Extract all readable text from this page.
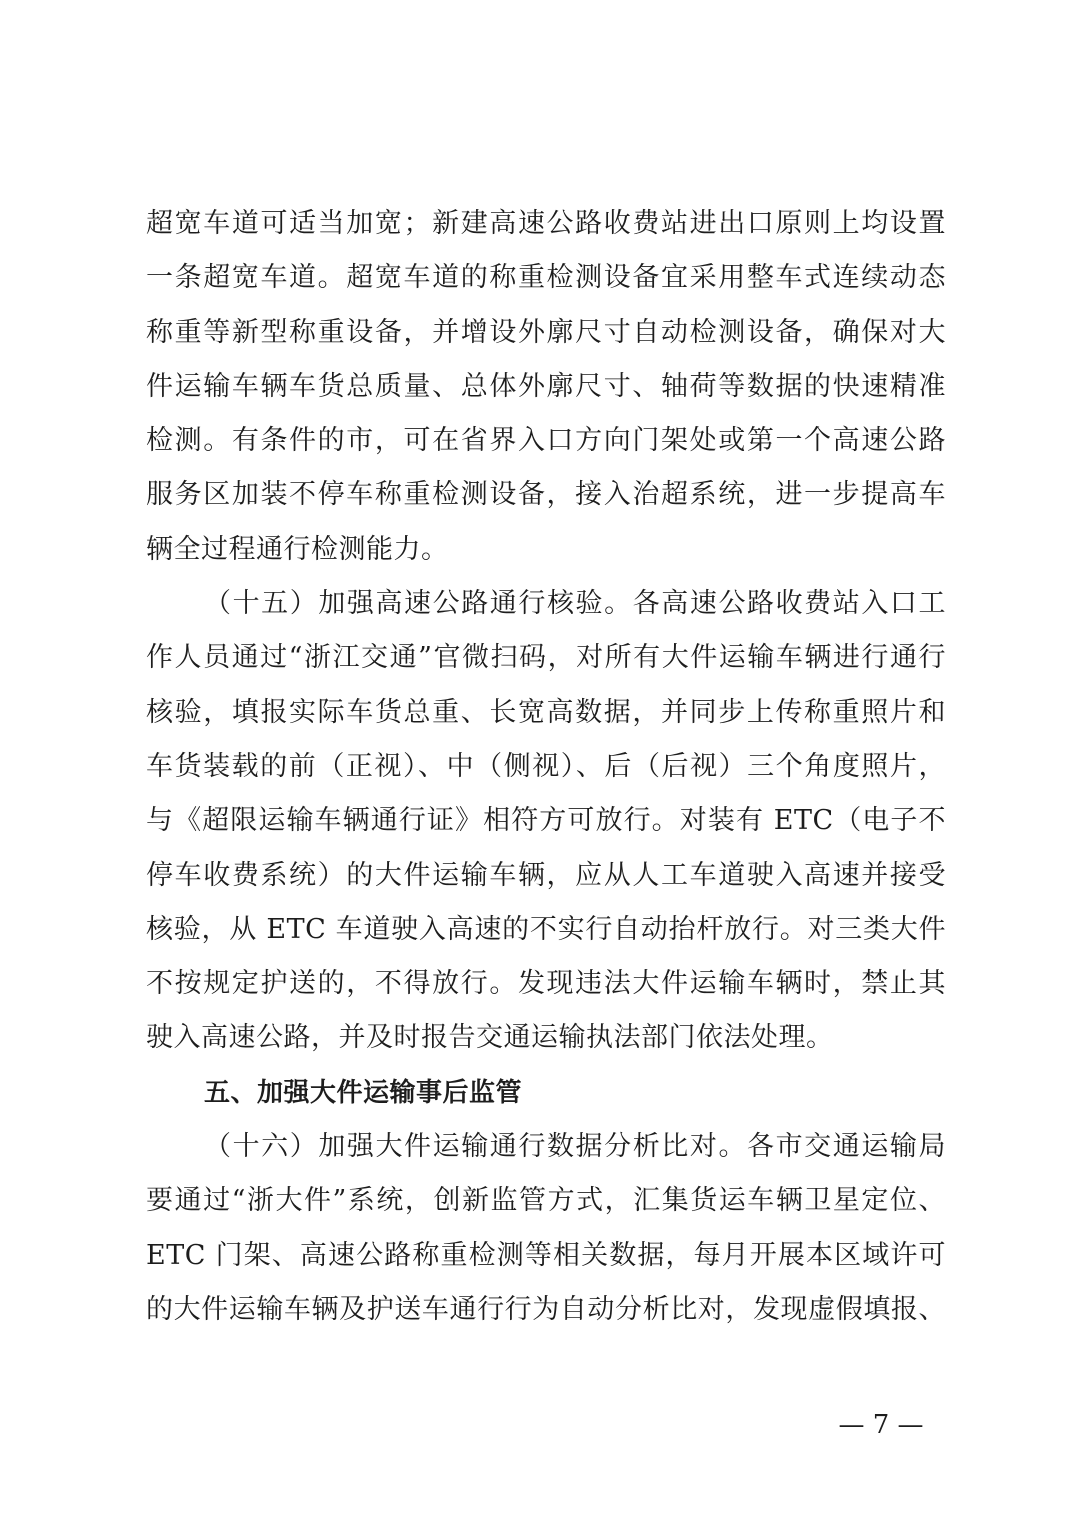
超宽车道可适当加宽；新建高速公路收费站进出口原则上均设置
一条超宽车道。超宽车道的称重检测设备宜采用整车式连续动态
称重等新型称重设备，并增设外廓尺寸自动检测设备，确保对大
件运输车辆车货总质量、总体外廓尺寸、轴荷等数据的快速精准
检测。有条件的市，可在省界入口方向门架处或第一个高速公路
服务区加装不停车称重检测设备，接入治超系统，进一步提高车
辆全过程通行检测能力。
（十五）加强高速公路通行核验。各高速公路收费站入口工
作人员通过“浙江交通”官微扫码，对所有大件运输车辆进行通行
核验，填报实际车货总重、长宽高数据，并同步上传称重照片和
车货装载的前（正视）、中（侧视）、后（后视）三个角度照片，
与《超限运输车辆通行证》相符方可放行。对装有 ETC（电子不
停车收费系统）的大件运输车辆，应从人工车道驶入高速并接受
核验，从 ETC 车道驶入高速的不实行自动抬杆放行。对三类大件
不按规定护送的，不得放行。发现违法大件运输车辆时，禁止其
驶入高速公路，并及时报告交通运输执法部门依法处理。
五、加强大件运输事后监管
（十六）加强大件运输通行数据分析比对。各市交通运输局
要通过“浙大件”系统，创新监管方式，汇集货运车辆卫星定位、
ETC 门架、高速公路称重检测等相关数据，每月开展本区域许可
的大件运输车辆及护送车通行行为自动分析比对，发现虚假填报、
— 7 —
